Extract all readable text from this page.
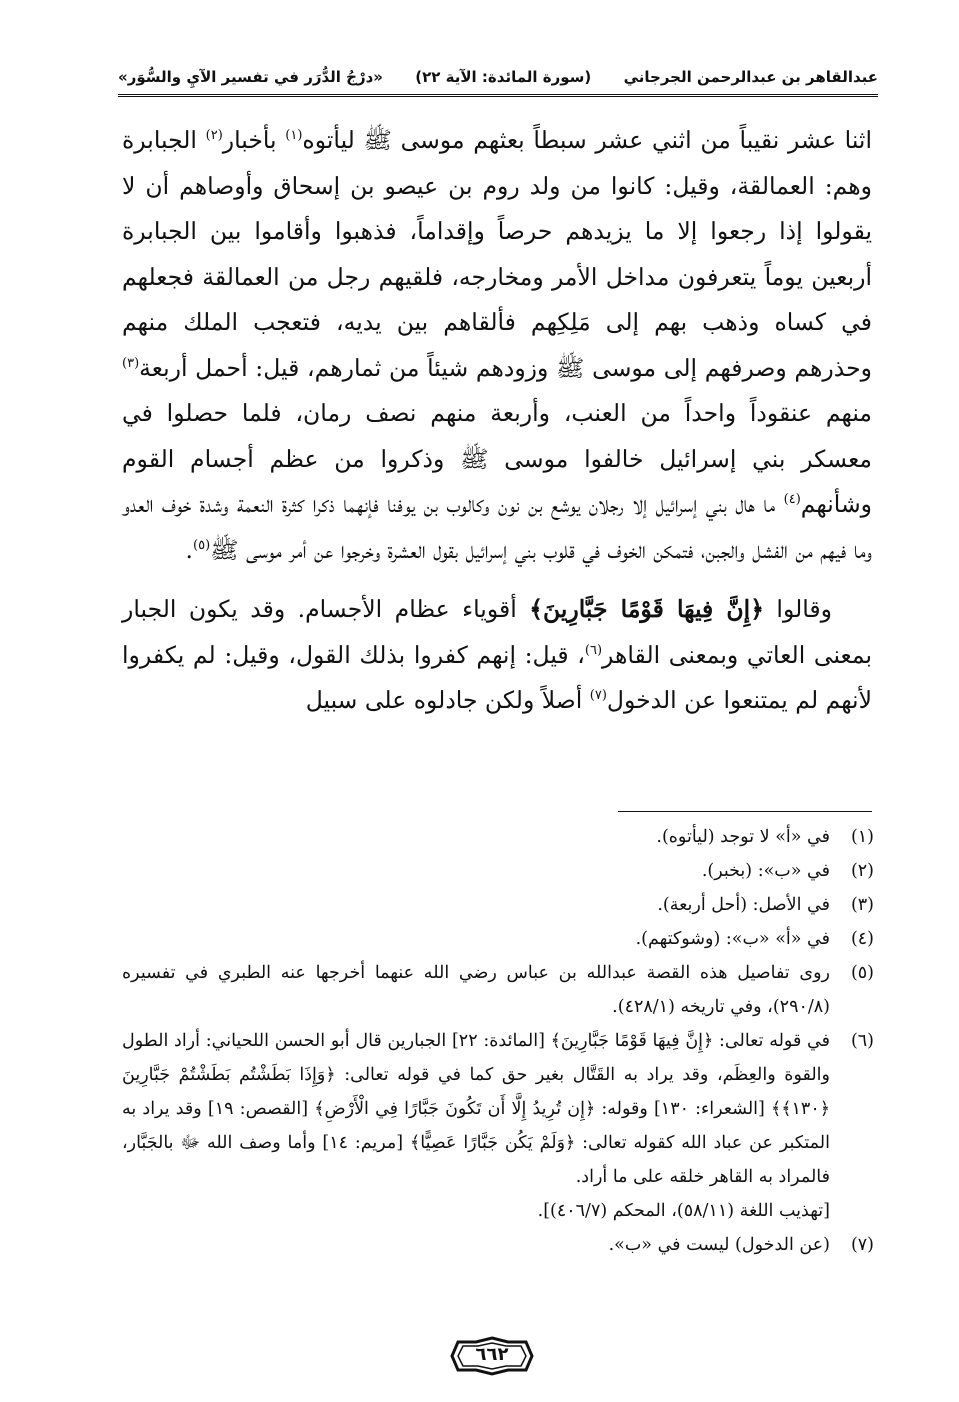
عبدالقاهر بن عبدالرحمن الجرجاني
(سورة المائدة: الآية ٢٢)
«درْجُ الدُّرَر في تفسير الآيِ والسُّوَر»

اثنا عشر نقيباً من اثني عشر سبطاً بعثهم موسى ﷺ ليأتوه$^{(١)}$ بأخبار$^{(٢)}$ الجبابرة وهم: العمالقة، وقيل: كانوا من ولد روم بن عيصو بن إسحاق وأوصاهم أن لا يقولوا إذا رجعوا إلا ما يزيدهم حرصاً وإقداماً، فذهبوا وأقاموا بين الجبابرة أربعين يوماً يتعرفون مداخل الأمر ومخارجه، فلقيهم رجل من العمالقة فجعلهم في كساه وذهب بهم إلى مَلِكِهم فألقاهم بين يديه، فتعجب الملك منهم وحذرهم وصرفهم إلى موسى ﷺ وزودهم شيئاً من ثمارهم، قيل: أحمل أربعة$^{(٣)}$ منهم عنقوداً واحداً من العنب، وأربعة منهم نصف رمان، فلما حصلوا في معسكر بني إسرائيل خالفوا موسى ﷺ وذكروا من عظم أجسام القوم وشأنهم$^{(٤)}$ ما هال بني إسرائيل إلا رجلان يوشع بن نون وكالوب بن يوفنا فإنهما ذكرا كثرة النعمة وشدة خوف العدو وما فيهم من الفشل والجبن، فتمكن الخوف في قلوب بني إسرائيل بقول العشرة وخرجوا عن أمر موسى ﷺ$^{(٥)}$.

وقالوا ﴿إِنَّ فِيهَا قَوْمًا جَبَّارِينَ﴾ أقوياء عظام الأجسام. وقد يكون الجبار بمعنى العاتي وبمعنى القاهر$^{(٦)}$، قيل: إنهم كفروا بذلك القول، وقيل: لم يكفروا لأنهم لم يمتنعوا عن الدخول$^{(٧)}$ أصلاً ولكن جادلوه على سبيل

(١)
في «أ» لا توجد (ليأتوه).
(٢)
في «ب»: (بخبر).
(٣)
في الأصل: (أحل أربعة).
(٤)
في «أ» «ب»: (وشوكتهم).
(٥)
روى تفاصيل هذه القصة عبدالله بن عباس رضي الله عنهما أخرجها عنه الطبري في تفسيره (٢٩٠/٨)، وفي تاريخه (٤٢٨/١).
(٦)
في قوله تعالى: ﴿إِنَّ فِيهَا قَوْمًا جَبَّارِينَ﴾ [المائدة: ٢٢] الجبارين قال أبو الحسن اللحياني: أراد الطول والقوة والعِظَم، وقد يراد به القَتَّال بغير حق كما في قوله تعالى: ﴿وَإِذَا بَطَشْتُم بَطَشْتُمْ جَبَّارِينَ ﴿١٣٠﴾﴾ [الشعراء: ١٣٠] وقوله: ﴿إِن تُرِيدُ إِلَّا أَن تَكُونَ جَبَّارًا فِي الْأَرْضِ﴾ [القصص: ١٩] وقد يراد به المتكبر عن عباد الله كقوله تعالى: ﴿وَلَمْ يَكُن جَبَّارًا عَصِيًّا﴾ [مريم: ١٤] وأما وصف الله ﷻ بالجَبَّار، فالمراد به القاهر خلقه على ما أراد.
[تهذيب اللغة (٥٨/١١)، المحكم (٤٠٦/٧)].
(٧)
(عن الدخول) ليست في «ب».
٦٦٢
